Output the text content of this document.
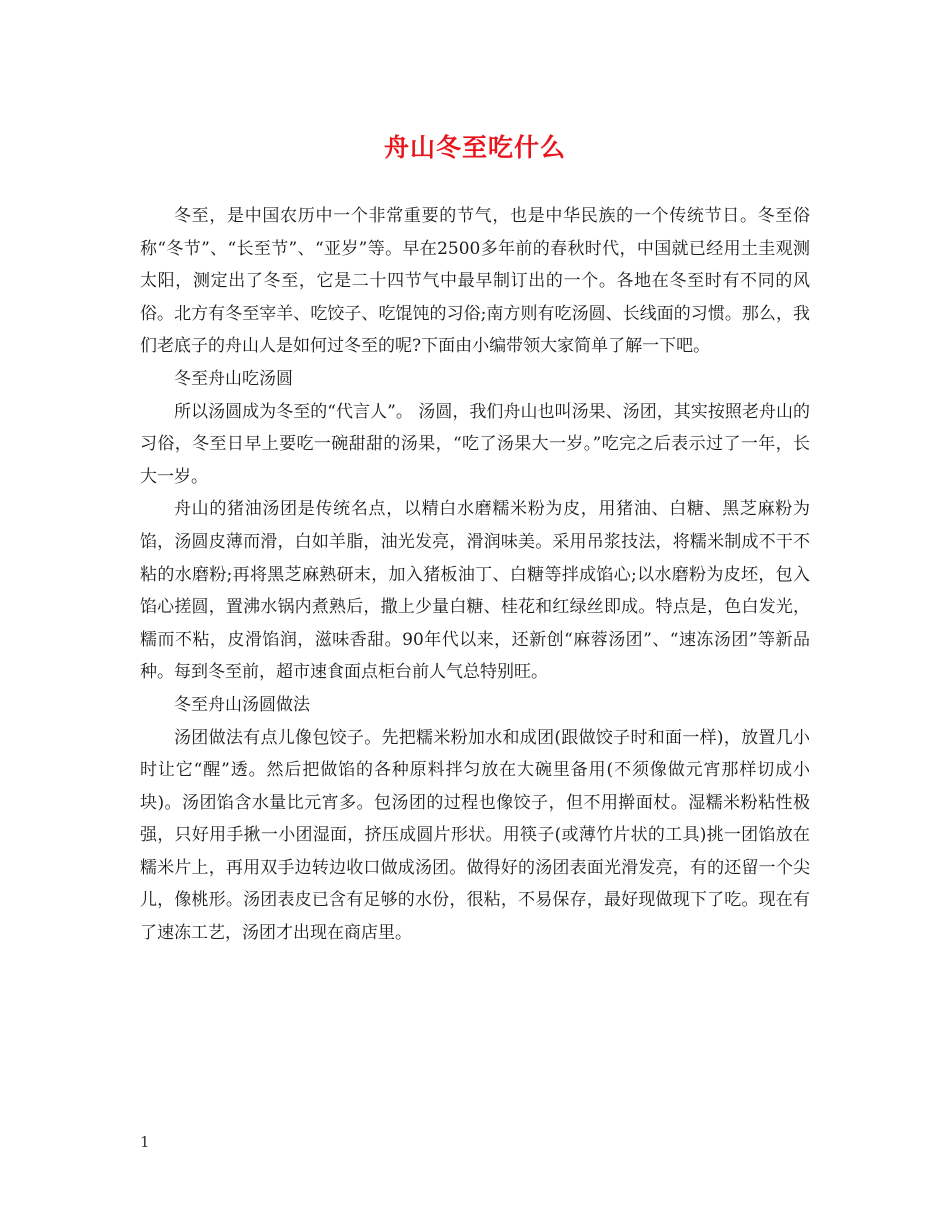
舟山冬至吃什么

冬至，是中国农历中一个非常重要的节气，也是中华民族的一个传统节日。冬至俗称“冬节”、“长至节”、“亚岁”等。早在2500多年前的春秋时代，中国就已经用土圭观测太阳，测定出了冬至，它是二十四节气中最早制订出的一个。各地在冬至时有不同的风俗。北方有冬至宰羊、吃饺子、吃馄饨的习俗;南方则有吃汤圆、长线面的习惯。那么，我们老底子的舟山人是如何过冬至的呢?下面由小编带领大家简单了解一下吧。

冬至舟山吃汤圆

所以汤圆成为冬至的“代言人”。 汤圆，我们舟山也叫汤果、汤团，其实按照老舟山的习俗，冬至日早上要吃一碗甜甜的汤果，“吃了汤果大一岁。”吃完之后表示过了一年，长大一岁。

舟山的猪油汤团是传统名点，以精白水磨糯米粉为皮，用猪油、白糖、黑芝麻粉为馅，汤圆皮薄而滑，白如羊脂，油光发亮，滑润味美。采用吊浆技法，将糯米制成不干不粘的水磨粉;再将黑芝麻熟研末，加入猪板油丁、白糖等拌成馅心;以水磨粉为皮坯，包入馅心搓圆，置沸水锅内煮熟后，撒上少量白糖、桂花和红绿丝即成。特点是，色白发光，糯而不粘，皮滑馅润，滋味香甜。90年代以来，还新创“麻蓉汤团”、“速冻汤团”等新品种。每到冬至前，超市速食面点柜台前人气总特别旺。

冬至舟山汤圆做法

汤团做法有点儿像包饺子。先把糯米粉加水和成团(跟做饺子时和面一样)，放置几小时让它“醒”透。然后把做馅的各种原料拌匀放在大碗里备用(不须像做元宵那样切成小块)。汤团馅含水量比元宵多。包汤团的过程也像饺子，但不用擀面杖。湿糯米粉粘性极强，只好用手揪一小团湿面，挤压成圆片形状。用筷子(或薄竹片状的工具)挑一团馅放在糯米片上，再用双手边转边收口做成汤团。做得好的汤团表面光滑发亮，有的还留一个尖儿，像桃形。汤团表皮已含有足够的水份，很粘，不易保存，最好现做现下了吃。现在有了速冻工艺，汤团才出现在商店里。

1
